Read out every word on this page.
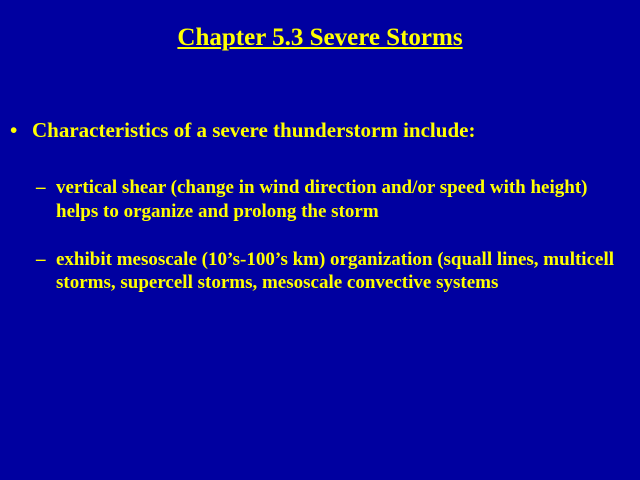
Chapter 5.3 Severe Storms
• Characteristics of a severe thunderstorm include:
– vertical shear (change in wind direction and/or speed with height) helps to organize and prolong the storm
– exhibit mesoscale (10’s-100’s km) organization (squall lines, multicell storms, supercell storms, mesoscale convective systems
